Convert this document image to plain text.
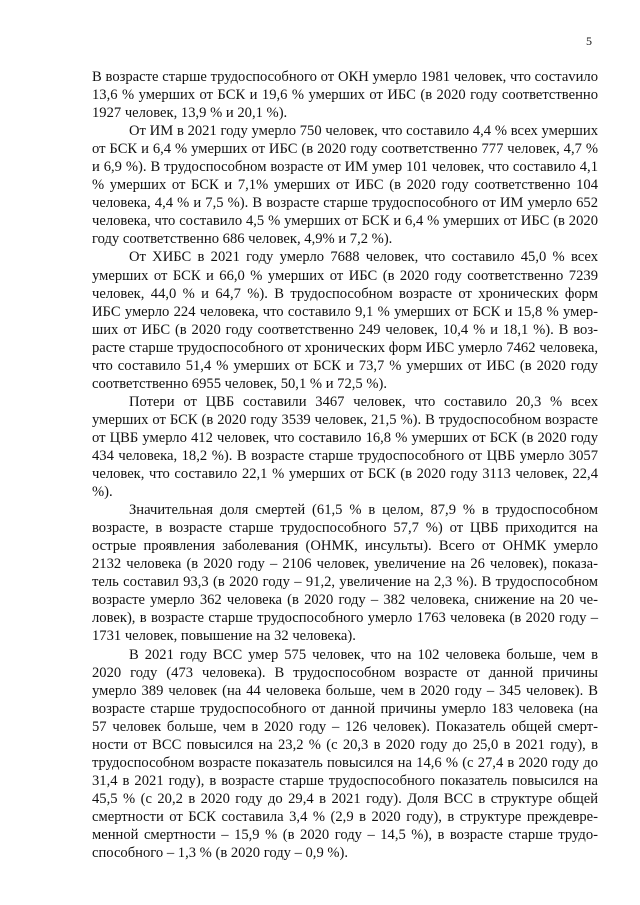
5

В возрасте старше трудоспособного от ОКН умерло 1981 человек, что состаvило 13,6 % умерших от БСК и 19,6 % умерших от ИБС (в 2020 году соответственно 1927 человек, 13,9 % и 20,1 %).

От ИМ в 2021 году умерло 750 человек, что составило 4,4 % всех умерших от БСК и 6,4 % умерших от ИБС (в 2020 году соответственно 777 человек, 4,7 % и 6,9 %). В трудоспособном возрасте от ИМ умер 101 человек, что составило 4,1 % умерших от БСК и 7,1% умерших от ИБС (в 2020 году соответственно 104 человека, 4,4 % и 7,5 %). В возрасте старше трудоспособного от ИМ умерло 652 человека, что составило 4,5 % умерших от БСК и 6,4 % умерших от ИБС (в 2020 году соответственно 686 человек, 4,9% и 7,2 %).

От ХИБС в 2021 году умерло 7688 человек, что составило 45,0 % всех умерших от БСК и 66,0 % умерших от ИБС (в 2020 году соответственно 7239 человек, 44,0 % и 64,7 %). В трудоспособном возрасте от хронических форм ИБС умерло 224 человека, что составило 9,1 % умерших от БСК и 15,8 % умерших от ИБС (в 2020 году соответственно 249 человек, 10,4 % и 18,1 %). В возрасте старше трудоспособного от хронических форм ИБС умерло 7462 человека, что составило 51,4 % умерших от БСК и 73,7 % умерших от ИБС (в 2020 году соответственно 6955 человек, 50,1 % и 72,5 %).

Потери от ЦВБ составили 3467 человек, что составило 20,3 % всех умерших от БСК (в 2020 году 3539 человек, 21,5 %). В трудоспособном возрасте от ЦВБ умерло 412 человек, что составило 16,8 % умерших от БСК (в 2020 году 434 человека, 18,2 %). В возрасте старше трудоспособного от ЦВБ умерло 3057 человек, что составило 22,1 % умерших от БСК (в 2020 году 3113 человек, 22,4 %).

Значительная доля смертей (61,5 % в целом, 87,9 % в трудоспособном возрасте, в возрасте старше трудоспособного 57,7 %) от ЦВБ приходится на острые проявления заболевания (ОНМК, инсульты). Всего от ОНМК умерло 2132 человека (в 2020 году – 2106 человек, увеличение на 26 человек), показатель составил 93,3 (в 2020 году – 91,2, увеличение на 2,3 %). В трудоспособном возрасте умерло 362 человека (в 2020 году – 382 человека, снижение на 20 человек), в возрасте старше трудоспособного умерло 1763 человека (в 2020 году – 1731 человек, повышение на 32 человека).

В 2021 году ВСС умер 575 человек, что на 102 человека больше, чем в 2020 году (473 человека). В трудоспособном возрасте от данной причины умерло 389 человек (на 44 человека больше, чем в 2020 году – 345 человек). В возрасте старше трудоспособного от данной причины умерло 183 человека (на 57 человек больше, чем в 2020 году – 126 человек). Показатель общей смертности от ВСС повысился на 23,2 % (с 20,3 в 2020 году до 25,0 в 2021 году), в трудоспособном возрасте показатель повысился на 14,6 % (с 27,4 в 2020 году до 31,4 в 2021 году), в возрасте старше трудоспособного показатель повысился на 45,5 % (с 20,2 в 2020 году до 29,4 в 2021 году). Доля ВСС в структуре общей смертности от БСК составила 3,4 % (2,9 в 2020 году), в структуре преждевременной смертности – 15,9 % (в 2020 году – 14,5 %), в возрасте старше трудоспособного – 1,3 % (в 2020 году – 0,9 %).
